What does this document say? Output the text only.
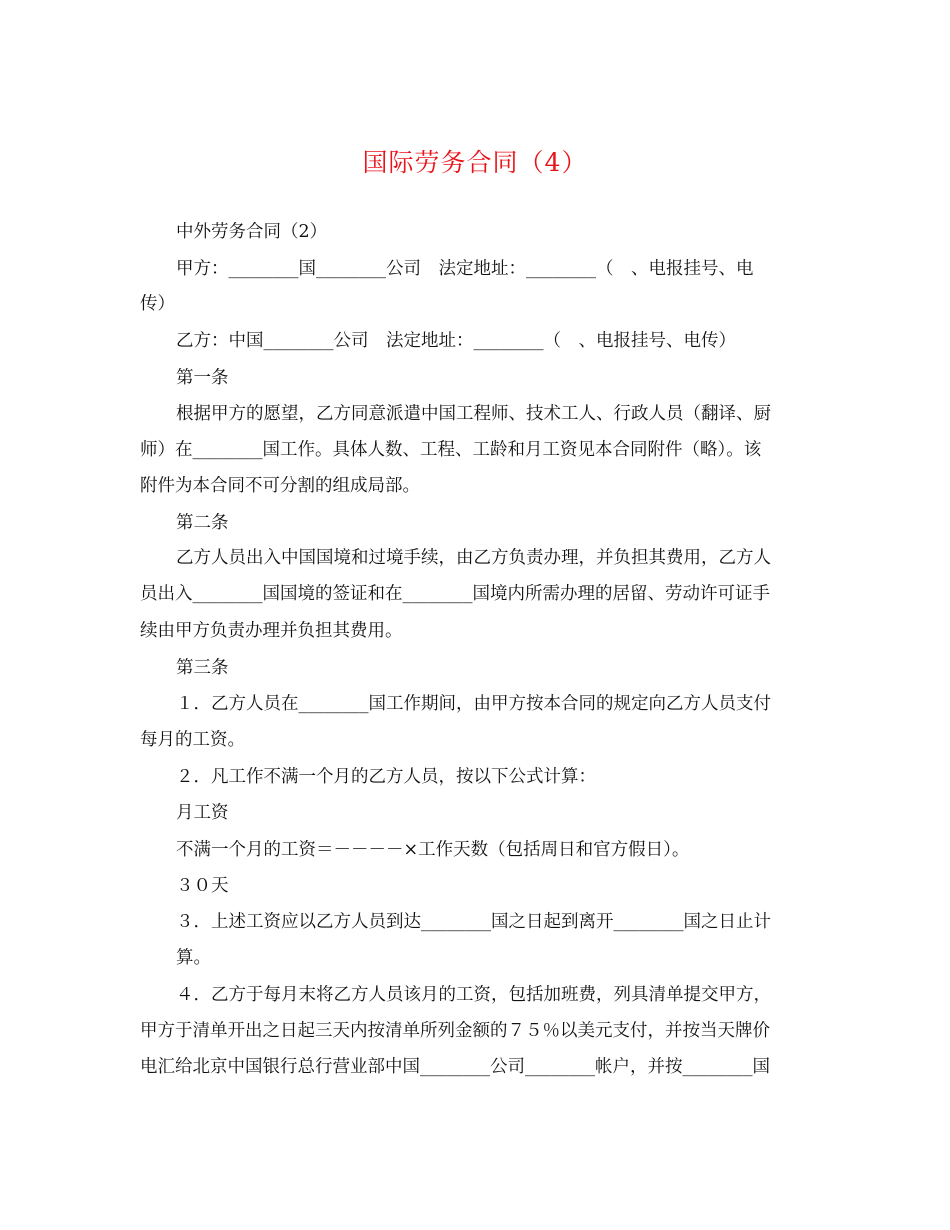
国际劳务合同（4）
中外劳务合同（2）
甲方：________国________公司　法定地址：________（　、电报挂号、电
传）
乙方：中国________公司　法定地址：________（　、电报挂号、电传）
第一条
根据甲方的愿望，乙方同意派遣中国工程师、技术工人、行政人员（翻译、厨
师）在________国工作。具体人数、工程、工龄和月工资见本合同附件（略）。该
附件为本合同不可分割的组成局部。
第二条
乙方人员出入中国国境和过境手续，由乙方负责办理，并负担其费用，乙方人
员出入________国国境的签证和在________国境内所需办理的居留、劳动许可证手
续由甲方负责办理并负担其费用。
第三条
１．乙方人员在________国工作期间，由甲方按本合同的规定向乙方人员支付
每月的工资。
２．凡工作不满一个月的乙方人员，按以下公式计算：
月工资
不满一个月的工资＝－－－－×工作天数（包括周日和官方假日）。
３０天
３．上述工资应以乙方人员到达________国之日起到离开________国之日止计
算。
４．乙方于每月末将乙方人员该月的工资，包括加班费，列具清单提交甲方，
甲方于清单开出之日起三天内按清单所列金额的７５％以美元支付，并按当天牌价
电汇给北京中国银行总行营业部中国________公司________帐户，并按________国
